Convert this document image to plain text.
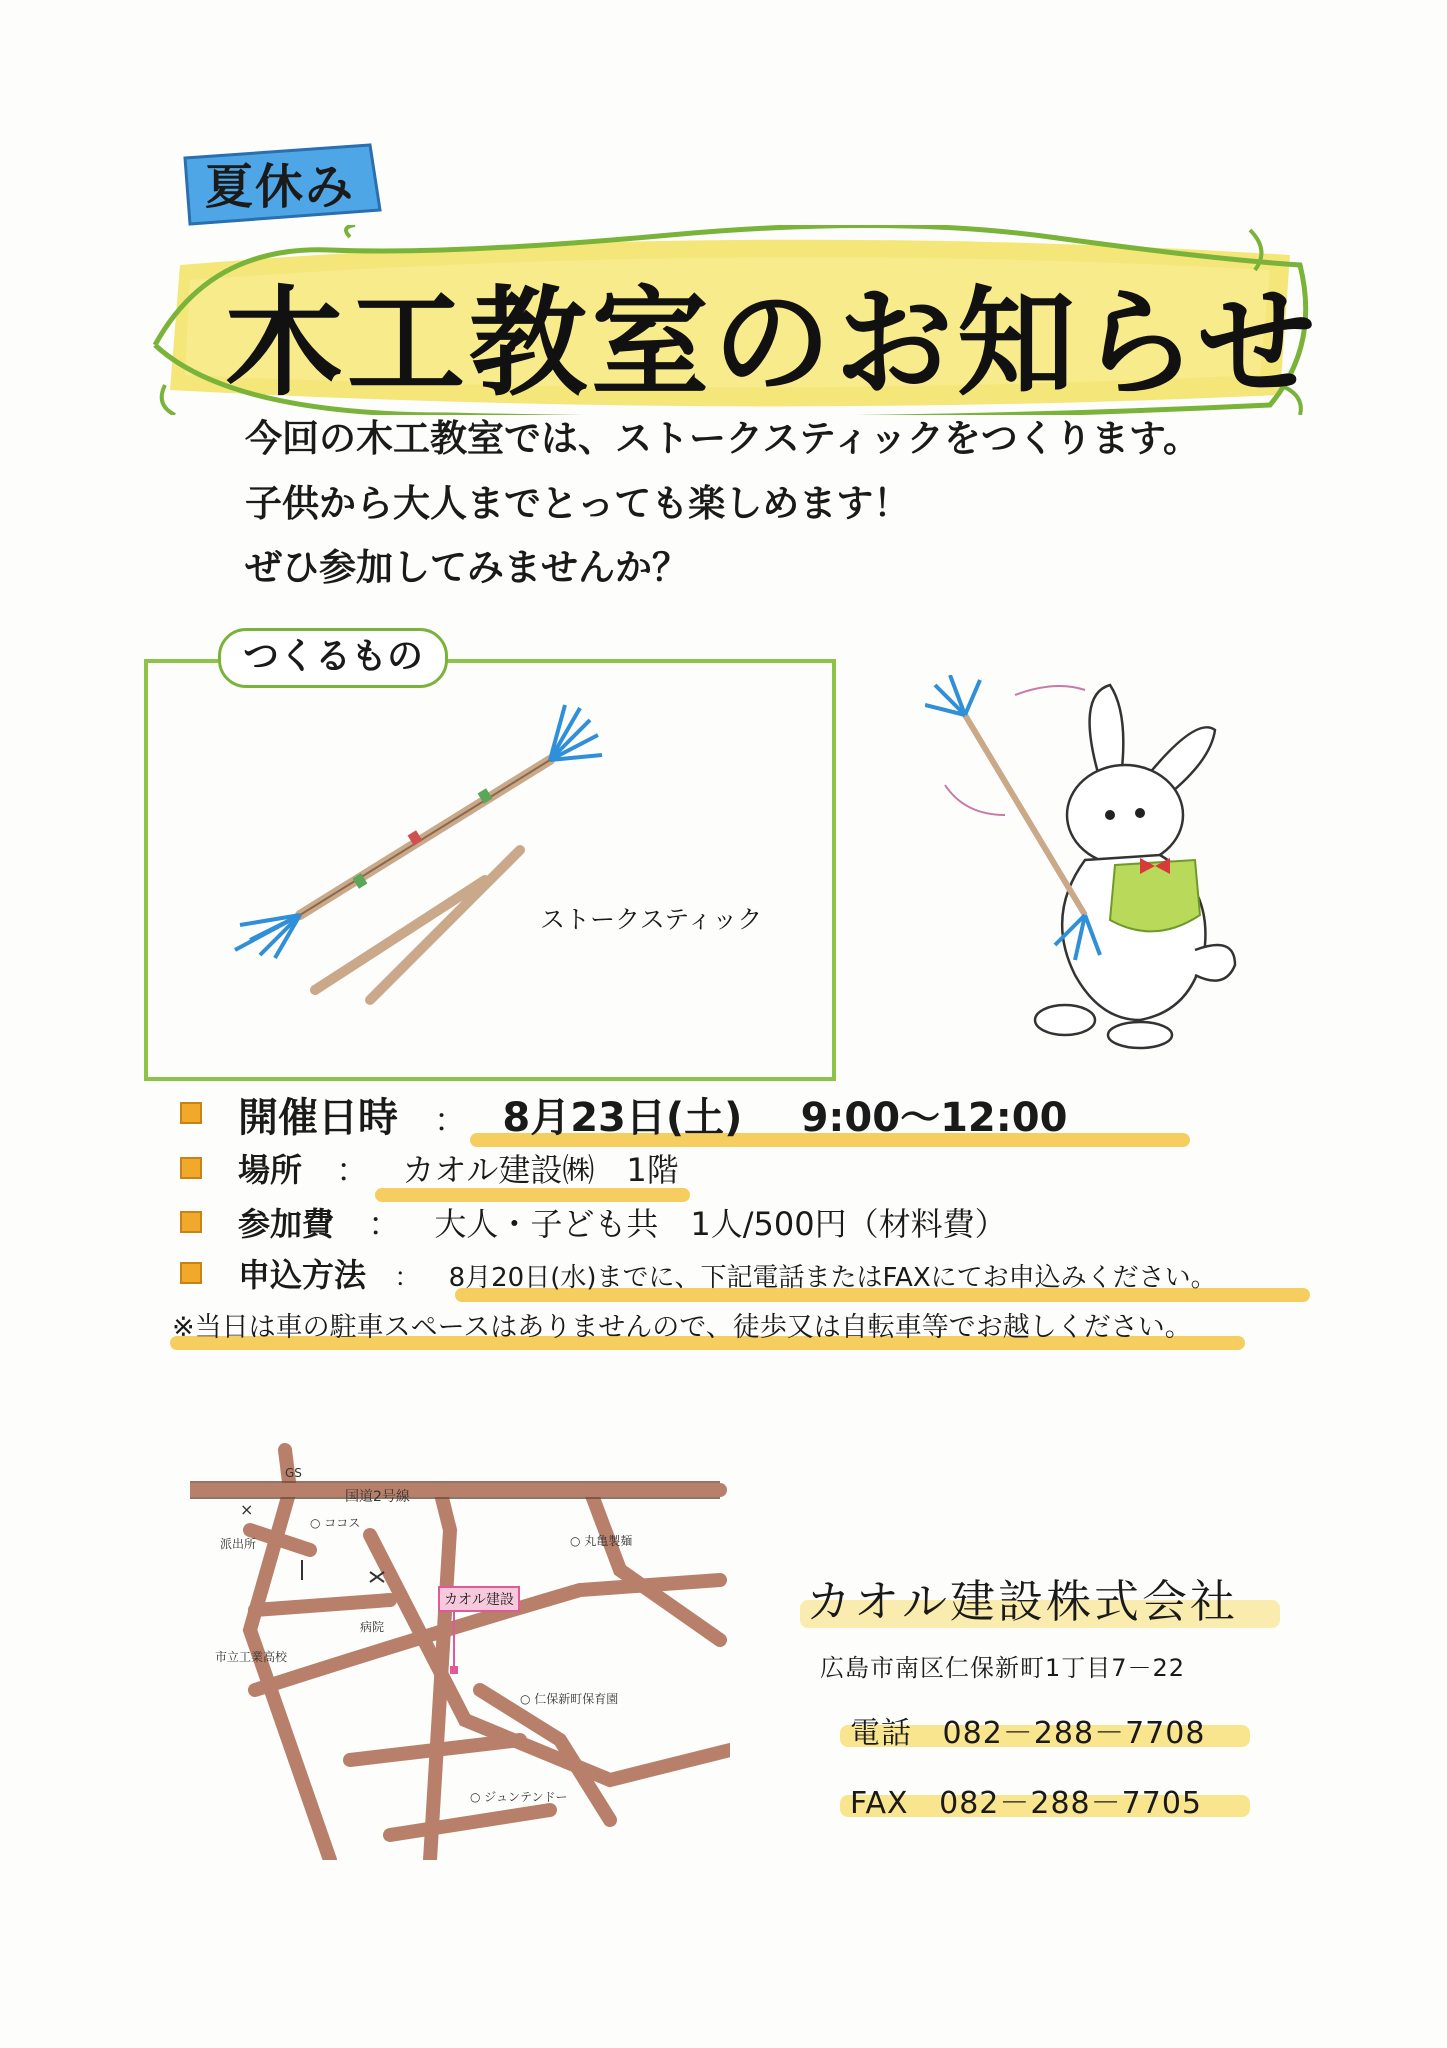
夏休み
木工教室のお知らせ
今回の木工教室では、ストークスティックをつくります。
子供から大人までとっても楽しめます！
ぜひ参加してみませんか？
つくるもの
ストークスティック
開催日時 ： 8月23日(土) 9:00～12:00
場所 ： カオル建設㈱　1階
参加費 ： 大人・子ども共　1人/500円（材料費）
申込方法 ： 8月20日(水)までに、下記電話またはFAXにてお申込みください。
※当日は車の駐車スペースはありませんので、徒歩又は自転車等でお越しください。
GS
国道2号線
×
○ ココス
派出所	○ 丸亀製麺
カオル建設
病院
市立工業高校
○ 仁保新町保育園
○ ジュンテンドー
カオル建設株式会社
広島市南区仁保新町1丁目7－22
電話 082－288－7708
FAX 082－288－7705
